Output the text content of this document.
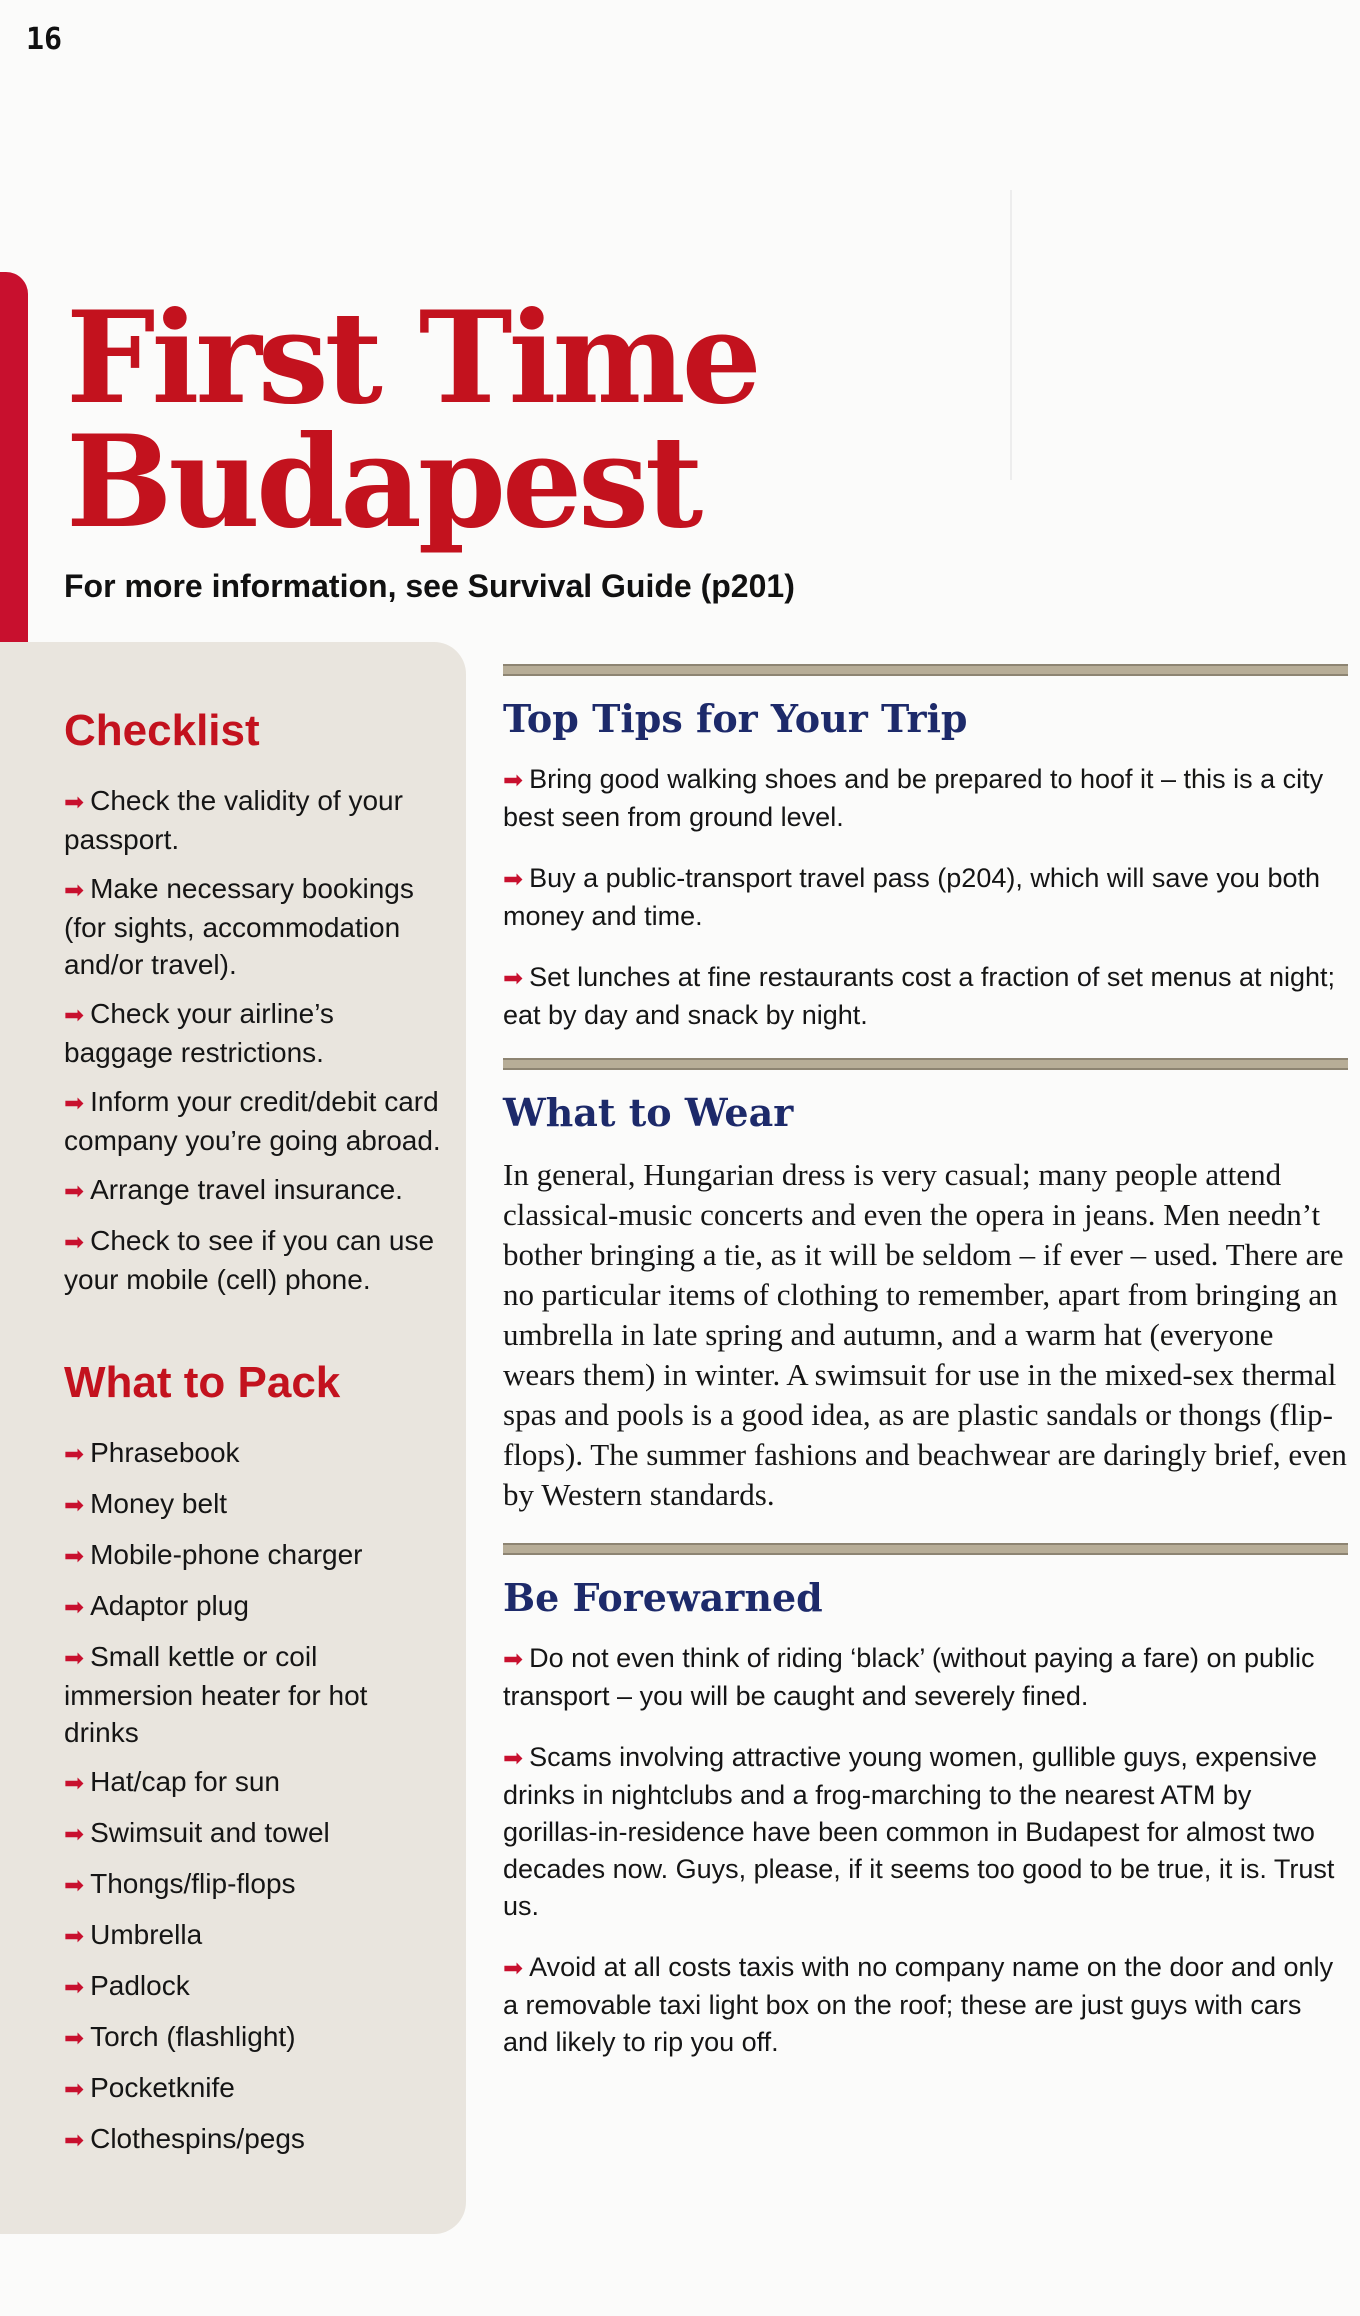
16
First Time
Budapest
For more information, see Survival Guide (p201)
Checklist
➡ Check the validity of your passport.
➡ Make necessary bookings (for sights, accommodation and/or travel).
➡ Check your airline’s baggage restrictions.
➡ Inform your credit/debit card company you’re going abroad.
➡ Arrange travel insurance.
➡ Check to see if you can use your mobile (cell) phone.
What to Pack
➡ Phrasebook
➡ Money belt
➡ Mobile-phone charger
➡ Adaptor plug
➡ Small kettle or coil immersion heater for hot drinks
➡ Hat/cap for sun
➡ Swimsuit and towel
➡ Thongs/flip-flops
➡ Umbrella
➡ Padlock
➡ Torch (flashlight)
➡ Pocketknife
➡ Clothespins/pegs
Top Tips for Your Trip

➡ Bring good walking shoes and be prepared to hoof it – this is a city best seen from ground level.

➡ Buy a public-transport travel pass (p204), which will save you both money and time.

➡ Set lunches at fine restaurants cost a fraction of set menus at night; eat by day and snack by night.

What to Wear

In general, Hungarian dress is very casual; many people attend classical-music concerts and even the opera in jeans. Men needn’t bother bringing a tie, as it will be seldom – if ever – used. There are no particular items of clothing to remember, apart from bringing an umbrella in late spring and autumn, and a warm hat (everyone wears them) in winter. A swimsuit for use in the mixed-sex thermal spas and pools is a good idea, as are plastic sandals or thongs (flip-flops). The summer fashions and beachwear are daringly brief, even by Western standards.

Be Forewarned

➡ Do not even think of riding ‘black’ (without paying a fare) on public transport – you will be caught and severely fined.

➡ Scams involving attractive young women, gullible guys, expensive drinks in nightclubs and a frog-marching to the nearest ATM by gorillas-in-residence have been common in Budapest for almost two decades now. Guys, please, if it seems too good to be true, it is. Trust us.

➡ Avoid at all costs taxis with no company name on the door and only a removable taxi light box on the roof; these are just guys with cars and likely to rip you off.
